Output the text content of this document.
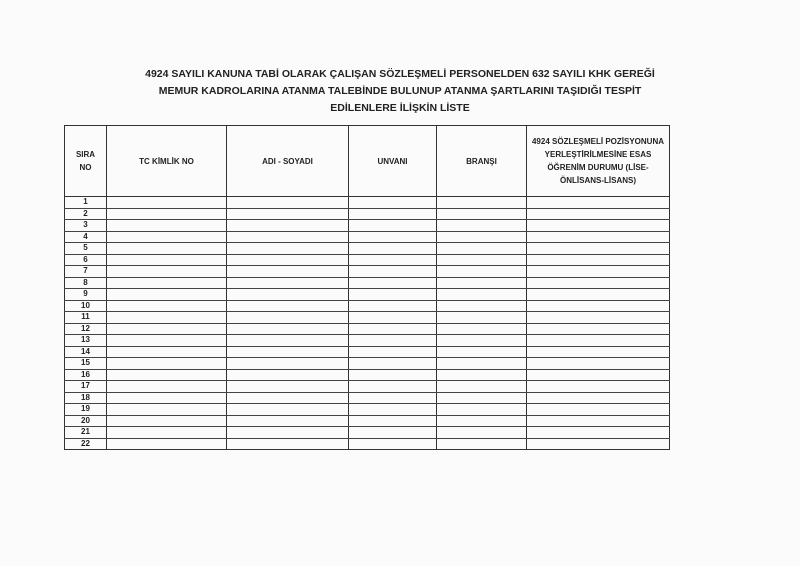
4924 SAYILI KANUNA TABİ OLARAK ÇALIŞAN SÖZLEŞMELİ PERSONELDEN 632 SAYILI KHK GEREĞİ
MEMUR KADROLARINA ATANMA TALEBİNDE BULUNUP ATANMA ŞARTLARINI TAŞIDIĞI TESPİT
EDİLENLERE İLİŞKİN LİSTE
SIRA NO	TC KİMLİK NO	ADI - SOYADI	UNVANI	BRANŞI	4924 SÖZLEŞMELİ POZİSYONUNA YERLEŞTİRİLMESİNE ESAS ÖĞRENİM DURUMU (LİSE-ÖNLİSANS-LİSANS)
1					
2					
3					
4					
5					
6					
7					
8					
9					
10					
11					
12					
13					
14					
15					
16					
17					
18					
19					
20					
21					
22					
